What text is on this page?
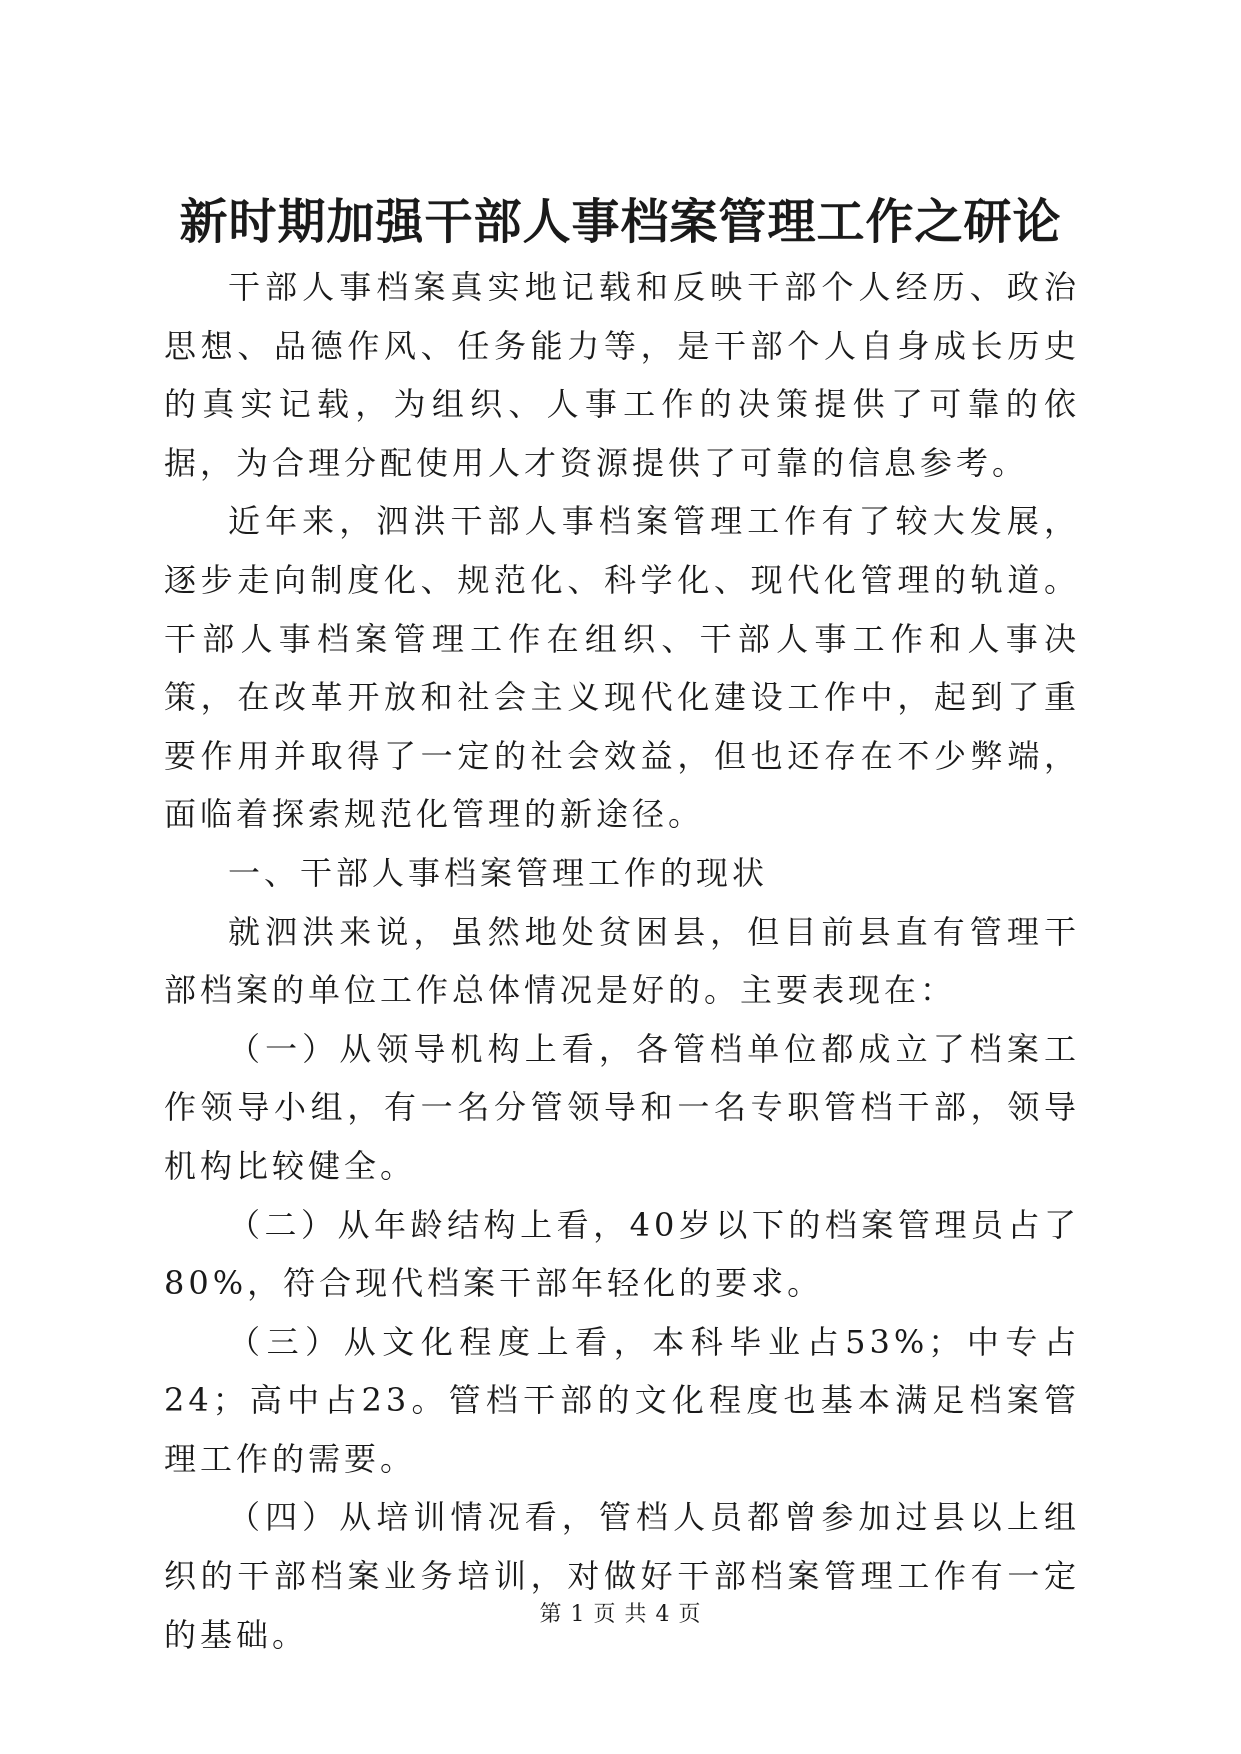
新时期加强干部人事档案管理工作之研论

干部人事档案真实地记载和反映干部个人经历、政治思想、品德作风、任务能力等，是干部个人自身成长历史的真实记载，为组织、人事工作的决策提供了可靠的依据，为合理分配使用人才资源提供了可靠的信息参考。

近年来，泗洪干部人事档案管理工作有了较大发展，逐步走向制度化、规范化、科学化、现代化管理的轨道。干部人事档案管理工作在组织、干部人事工作和人事决策，在改革开放和社会主义现代化建设工作中，起到了重要作用并取得了一定的社会效益，但也还存在不少弊端，面临着探索规范化管理的新途径。

一、干部人事档案管理工作的现状

就泗洪来说，虽然地处贫困县，但目前县直有管理干部档案的单位工作总体情况是好的。主要表现在：

（一）从领导机构上看，各管档单位都成立了档案工作领导小组，有一名分管领导和一名专职管档干部，领导机构比较健全。

（二）从年龄结构上看，40岁以下的档案管理员占了80%，符合现代档案干部年轻化的要求。

（三）从文化程度上看，本科毕业占53%；中专占24；高中占23。管档干部的文化程度也基本满足档案管理工作的需要。

（四）从培训情况看，管档人员都曾参加过县以上组织的干部档案业务培训，对做好干部档案管理工作有一定的基础。

第 1 页 共 4 页
